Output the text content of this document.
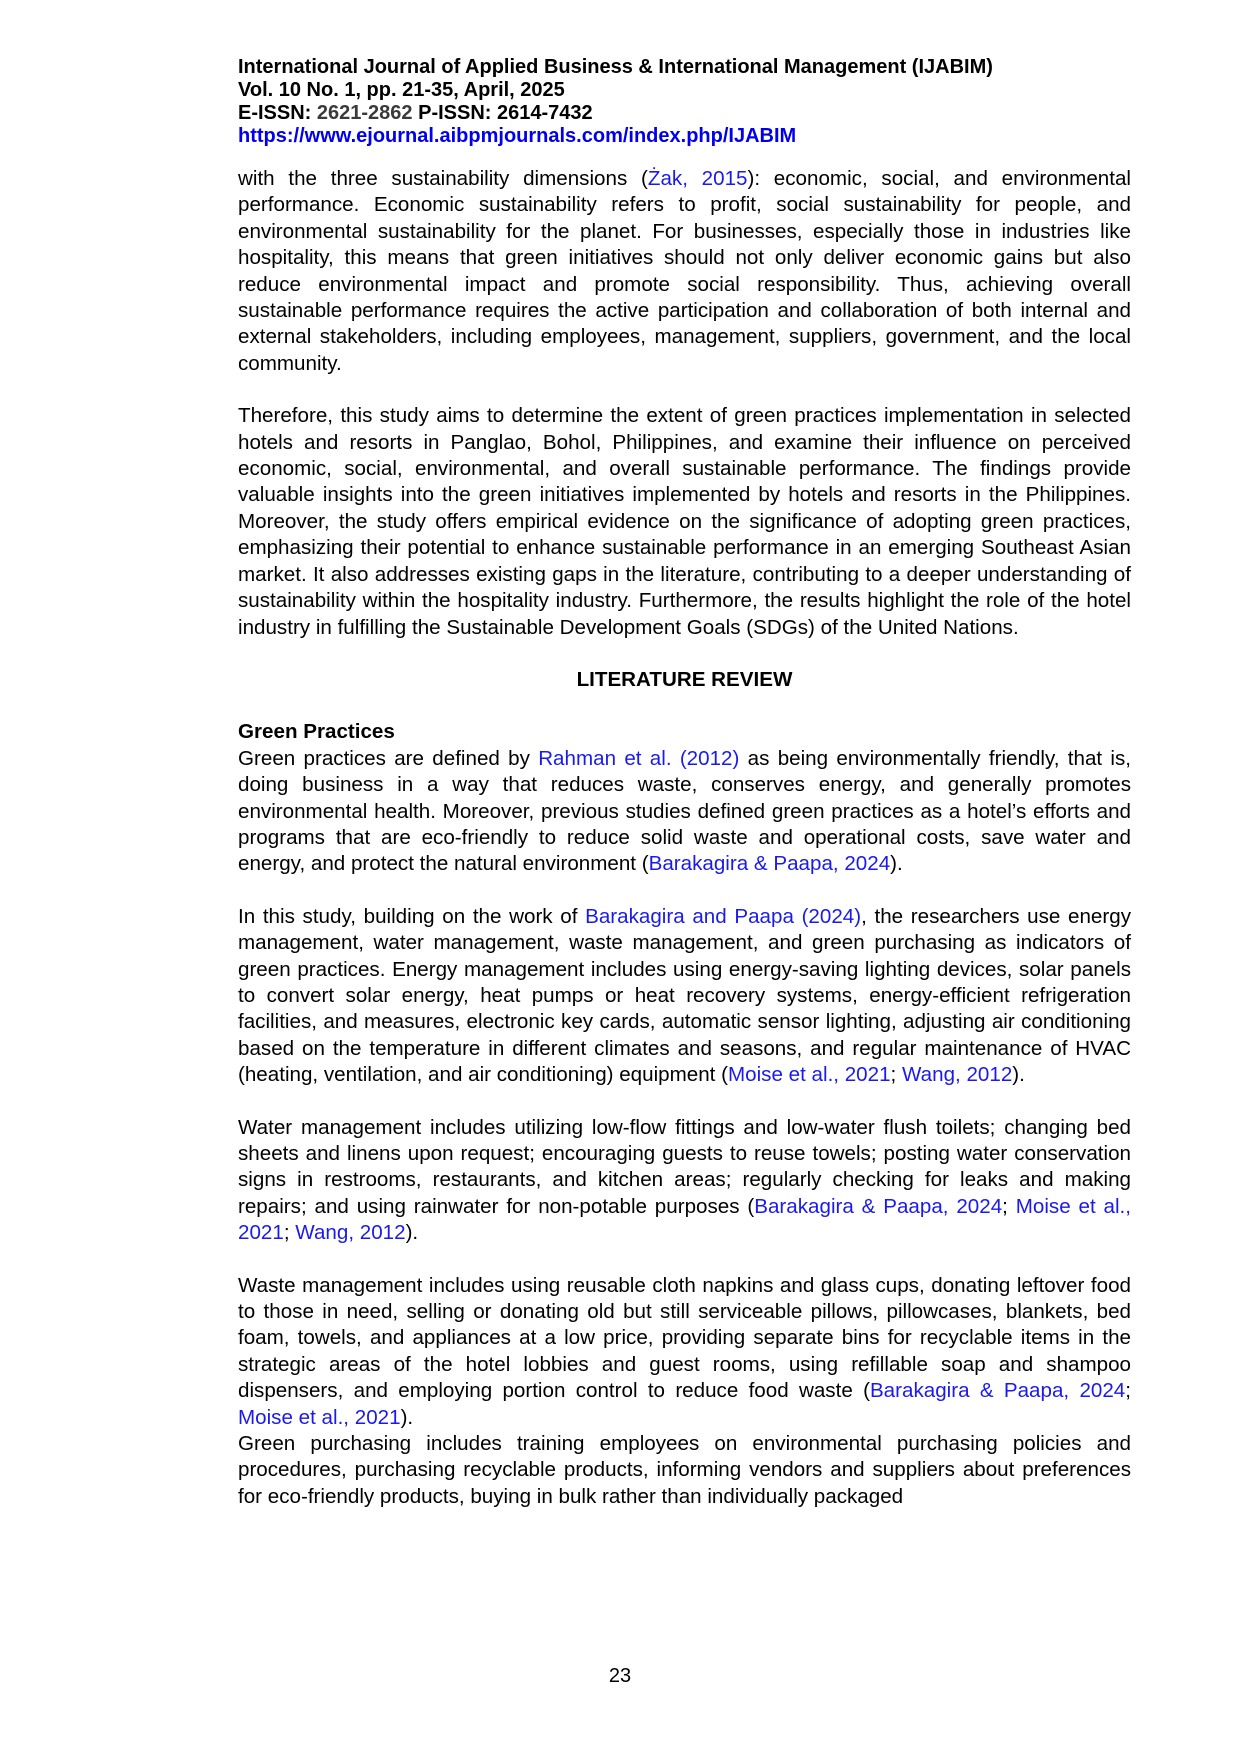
International Journal of Applied Business & International Management (IJABIM)
Vol. 10 No. 1, pp. 21-35, April, 2025
E-ISSN: 2621-2862 P-ISSN: 2614-7432
https://www.ejournal.aibpmjournals.com/index.php/IJABIM

with the three sustainability dimensions (Żak, 2015): economic, social, and environmental performance. Economic sustainability refers to profit, social sustainability for people, and environmental sustainability for the planet. For businesses, especially those in industries like hospitality, this means that green initiatives should not only deliver economic gains but also reduce environmental impact and promote social responsibility. Thus, achieving overall sustainable performance requires the active participation and collaboration of both internal and external stakeholders, including employees, management, suppliers, government, and the local community.

Therefore, this study aims to determine the extent of green practices implementation in selected hotels and resorts in Panglao, Bohol, Philippines, and examine their influence on perceived economic, social, environmental, and overall sustainable performance. The findings provide valuable insights into the green initiatives implemented by hotels and resorts in the Philippines. Moreover, the study offers empirical evidence on the significance of adopting green practices, emphasizing their potential to enhance sustainable performance in an emerging Southeast Asian market. It also addresses existing gaps in the literature, contributing to a deeper understanding of sustainability within the hospitality industry. Furthermore, the results highlight the role of the hotel industry in fulfilling the Sustainable Development Goals (SDGs) of the United Nations.

LITERATURE REVIEW
Green Practices

Green practices are defined by Rahman et al. (2012) as being environmentally friendly, that is, doing business in a way that reduces waste, conserves energy, and generally promotes environmental health. Moreover, previous studies defined green practices as a hotel’s efforts and programs that are eco-friendly to reduce solid waste and operational costs, save water and energy, and protect the natural environment (Barakagira & Paapa, 2024).

In this study, building on the work of Barakagira and Paapa (2024), the researchers use energy management, water management, waste management, and green purchasing as indicators of green practices. Energy management includes using energy-saving lighting devices, solar panels to convert solar energy, heat pumps or heat recovery systems, energy-efficient refrigeration facilities, and measures, electronic key cards, automatic sensor lighting, adjusting air conditioning based on the temperature in different climates and seasons, and regular maintenance of HVAC (heating, ventilation, and air conditioning) equipment (Moise et al., 2021; Wang, 2012).

Water management includes utilizing low-flow fittings and low-water flush toilets; changing bed sheets and linens upon request; encouraging guests to reuse towels; posting water conservation signs in restrooms, restaurants, and kitchen areas; regularly checking for leaks and making repairs; and using rainwater for non-potable purposes (Barakagira & Paapa, 2024; Moise et al., 2021; Wang, 2012).

Waste management includes using reusable cloth napkins and glass cups, donating leftover food to those in need, selling or donating old but still serviceable pillows, pillowcases, blankets, bed foam, towels, and appliances at a low price, providing separate bins for recyclable items in the strategic areas of the hotel lobbies and guest rooms, using refillable soap and shampoo dispensers, and employing portion control to reduce food waste (Barakagira & Paapa, 2024; Moise et al., 2021).

Green purchasing includes training employees on environmental purchasing policies and procedures, purchasing recyclable products, informing vendors and suppliers about preferences for eco-friendly products, buying in bulk rather than individually packaged

23
